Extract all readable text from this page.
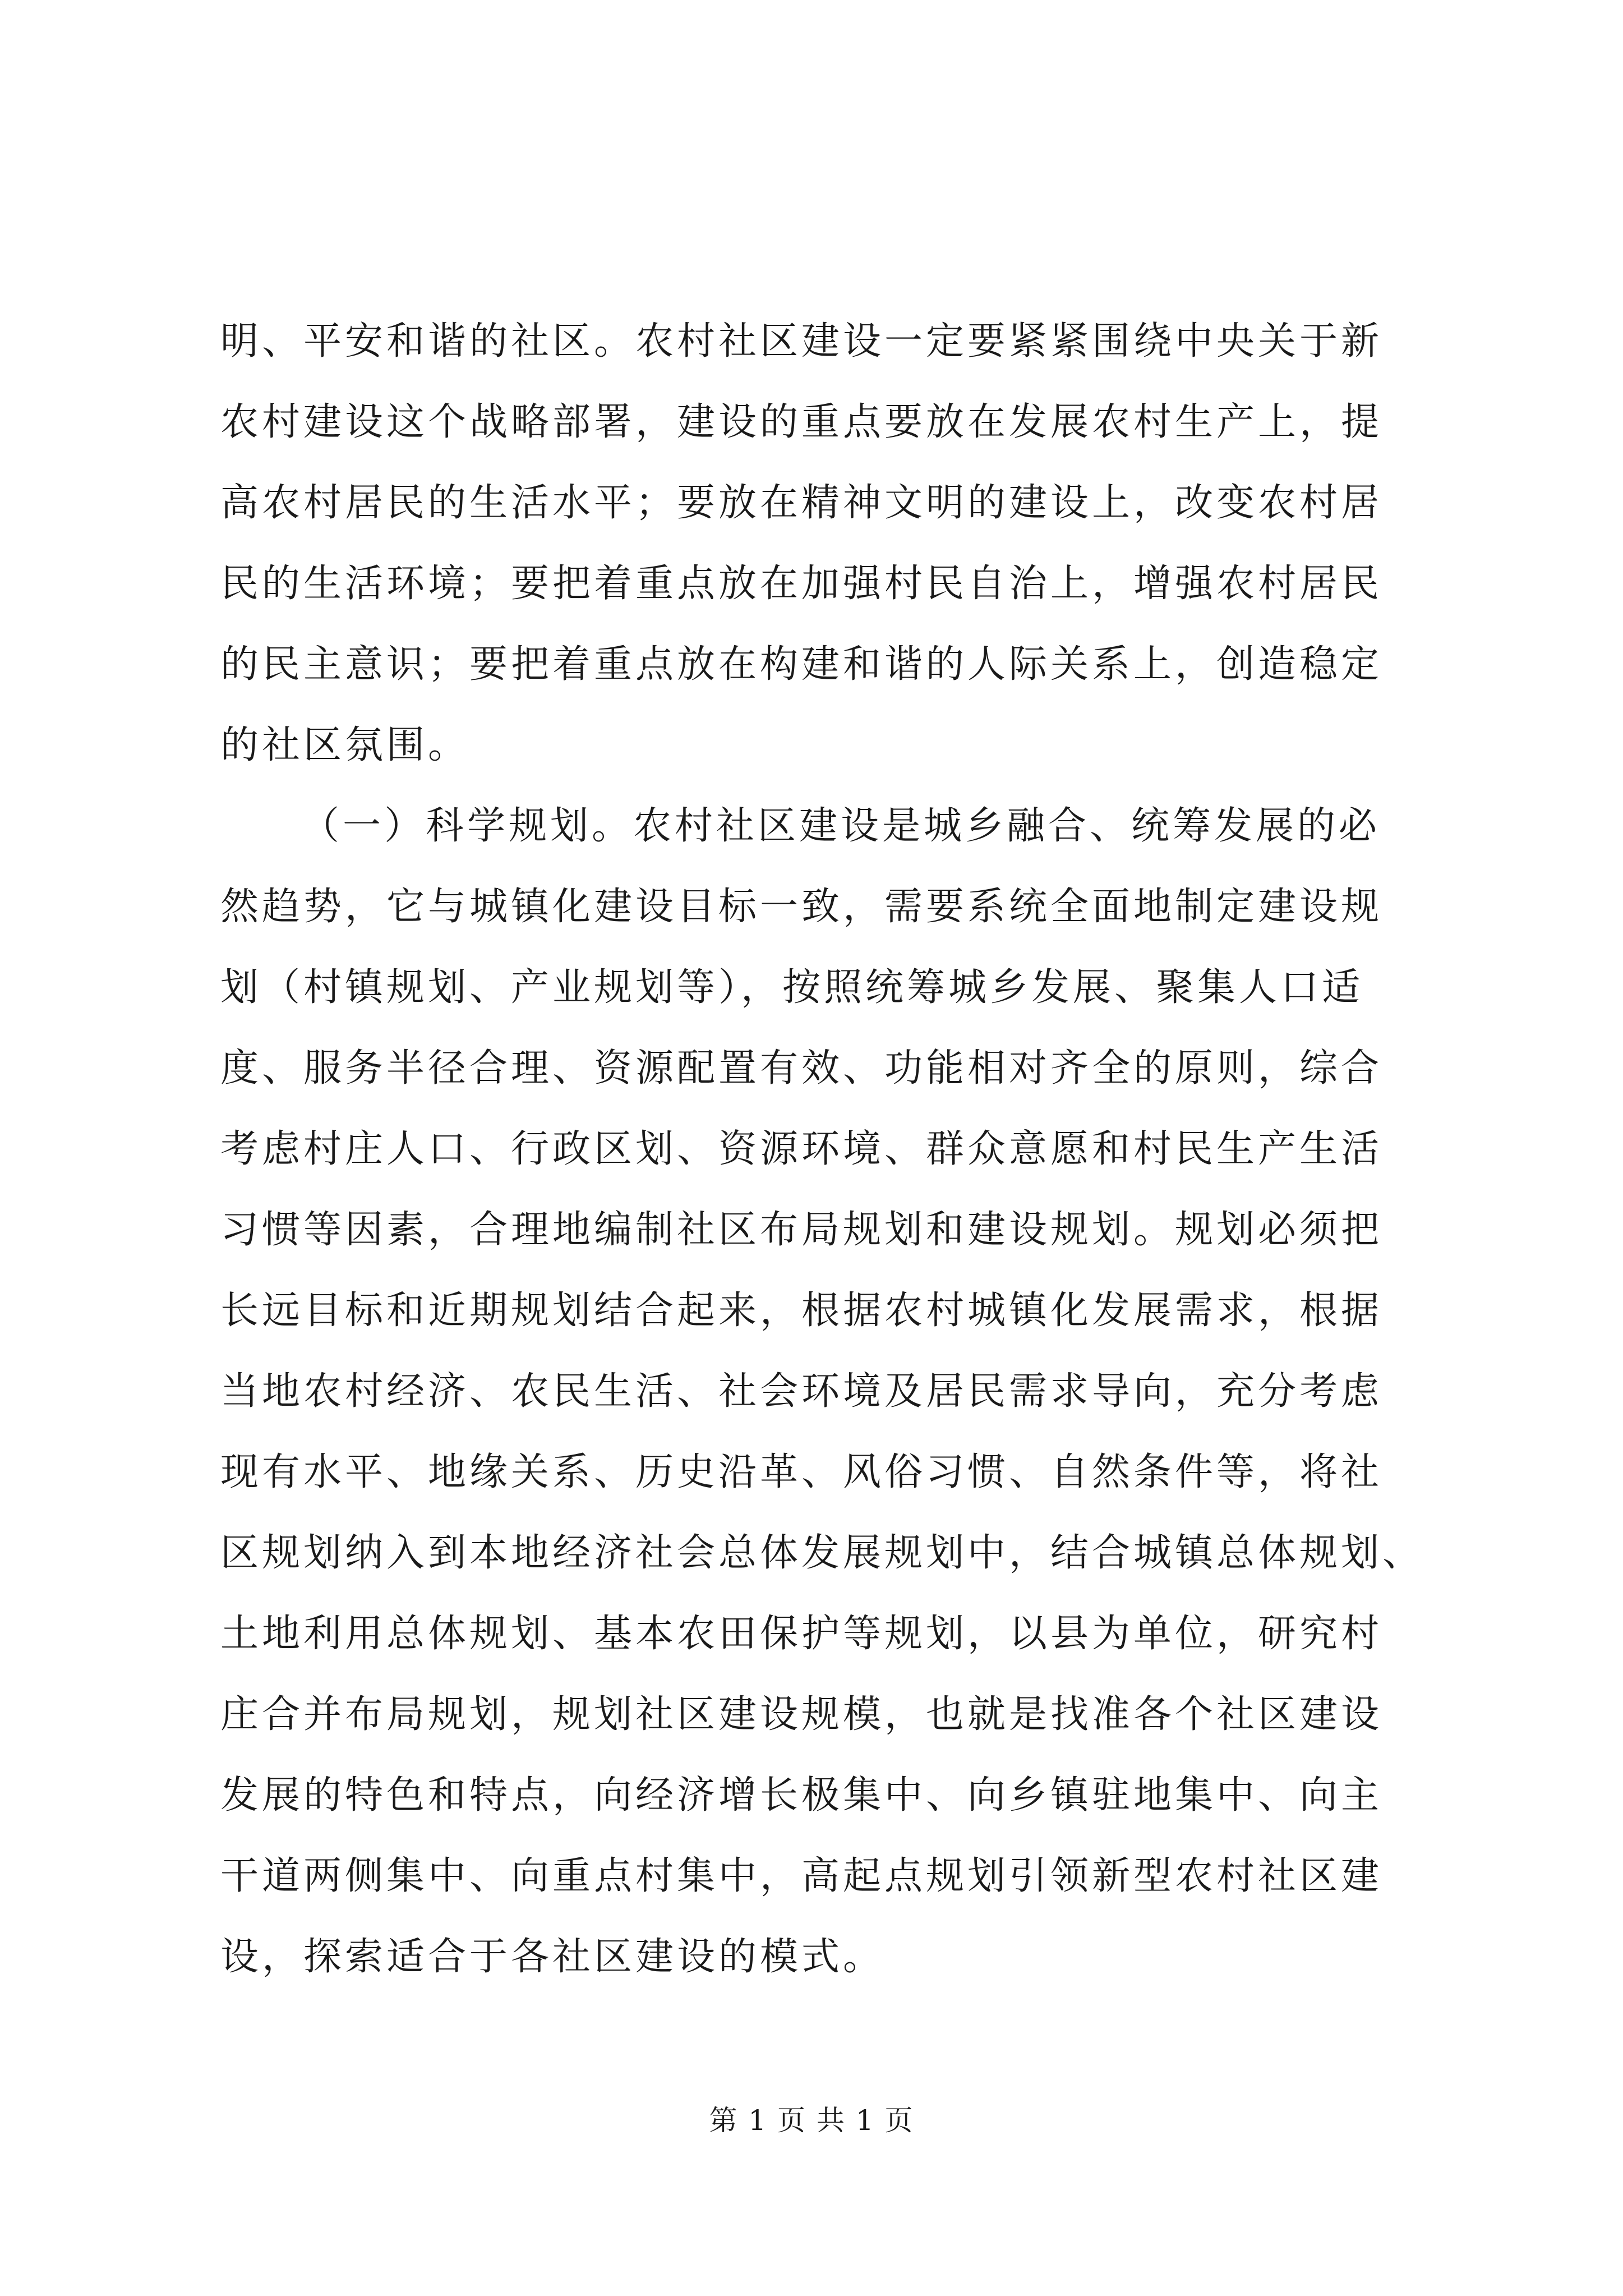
明、平安和谐的社区。农村社区建设一定要紧紧围绕中央关于新
农村建设这个战略部署，建设的重点要放在发展农村生产上，提
高农村居民的生活水平；要放在精神文明的建设上，改变农村居
民的生活环境；要把着重点放在加强村民自治上，增强农村居民
的民主意识；要把着重点放在构建和谐的人际关系上，创造稳定
的社区氛围。
（一）科学规划。农村社区建设是城乡融合、统筹发展的必
然趋势，它与城镇化建设目标一致，需要系统全面地制定建设规
划（村镇规划、产业规划等），按照统筹城乡发展、聚集人口适
度、服务半径合理、资源配置有效、功能相对齐全的原则，综合
考虑村庄人口、行政区划、资源环境、群众意愿和村民生产生活
习惯等因素，合理地编制社区布局规划和建设规划。规划必须把
长远目标和近期规划结合起来，根据农村城镇化发展需求，根据
当地农村经济、农民生活、社会环境及居民需求导向，充分考虑
现有水平、地缘关系、历史沿革、风俗习惯、自然条件等，将社
区规划纳入到本地经济社会总体发展规划中，结合城镇总体规划、
土地利用总体规划、基本农田保护等规划，以县为单位，研究村
庄合并布局规划，规划社区建设规模，也就是找准各个社区建设
发展的特色和特点，向经济增长极集中、向乡镇驻地集中、向主
干道两侧集中、向重点村集中，高起点规划引领新型农村社区建
设，探索适合于各社区建设的模式。
第 1 页 共 1 页
